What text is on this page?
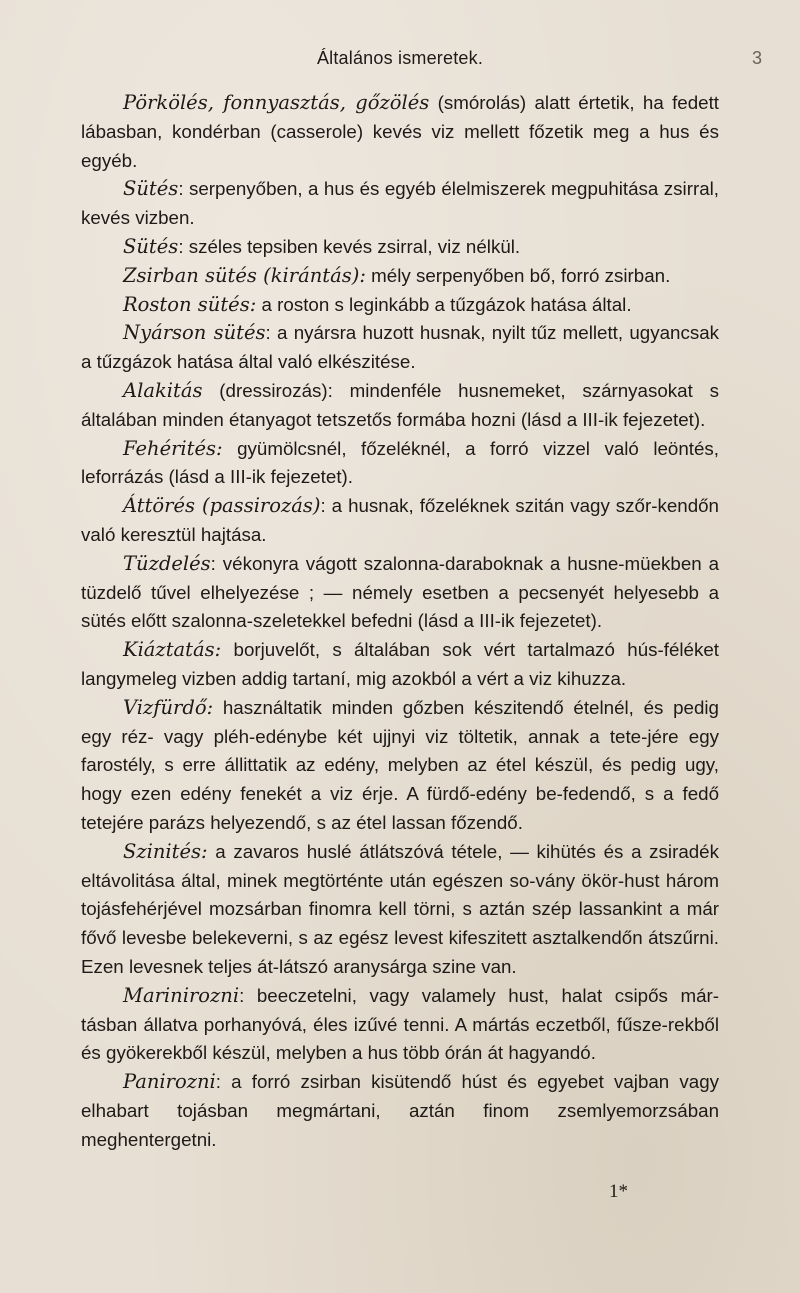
Általános ismeretek.	3

Pörkölés, fonnyasztás, gőzölés (smórolás) alatt értetik, ha fedett lábasban, kondérban (casserole) kevés viz mellett főzetik meg a hus és egyéb.

Sütés: serpenyőben, a hus és egyéb élelmiszerek megpuhitása zsirral, kevés vizben.

Sütés: széles tepsiben kevés zsirral, viz nélkül.

Zsirban sütés (kirántás): mély serpenyőben bő, forró zsirban.

Roston sütés: a roston s leginkább a tűzgázok hatása által.

Nyárson sütés: a nyársra huzott husnak, nyilt tűz mellett, ugyancsak a tűzgázok hatása által való elkészitése.

Alakitás (dressirozás): mindenféle husnemeket, szárnyasokat s általában minden étanyagot tetszetős formába hozni (lásd a III-ik fejezetet).

Fehérités: gyümölcsnél, főzeléknél, a forró vizzel való leöntés, leforrázás (lásd a III-ik fejezetet).

Áttörés (passirozás): a husnak, főzeléknek szitán vagy szőr-kendőn való keresztül hajtása.

Tüzdelés: vékonyra vágott szalonna-daraboknak a husne-müekben a tüzdelő tűvel elhelyezése ; — némely esetben a pecsenyét helyesebb a sütés előtt szalonna-szeletekkel befedni (lásd a III-ik fejezetet).

Kiáztatás: borjuvelőt, s általában sok vért tartalmazó hús-féléket langymeleg vizben addig tartaní, mig azokból a vért a viz kihuzza.

Vizfürdő: használtatik minden gőzben készitendő ételnél, és pedig egy réz- vagy pléh-edénybe két ujjnyi viz töltetik, annak a tete-jére egy farostély, s erre állittatik az edény, melyben az étel készül, és pedig ugy, hogy ezen edény fenekét a viz érje. A fürdő-edény be-fedendő, s a fedő tetejére parázs helyezendő, s az étel lassan főzendő.

Szinités: a zavaros huslé átlátszóvá tétele, — kihütés és a zsiradék eltávolitása által, minek megtörténte után egészen so-vány ökör-hust három tojásfehérjével mozsárban finomra kell törni, s aztán szép lassankint a már fővő levesbe belekeverni, s az egész levest kifeszitett asztalkendőn átszűrni. Ezen levesnek teljes át-látszó aranysárga szine van.

Marinirozni: beeczetelni, vagy valamely hust, halat csipős már-tásban állatva porhanyóvá, éles izűvé tenni. A mártás eczetből, fűsze-rekből és gyökerekből készül, melyben a hus több órán át hagyandó.

Panirozni: a forró zsirban kisütendő húst és egyebet vajban vagy elhabart tojásban megmártani, aztán finom zsemlyemorzsában meghentergetni.

1*
